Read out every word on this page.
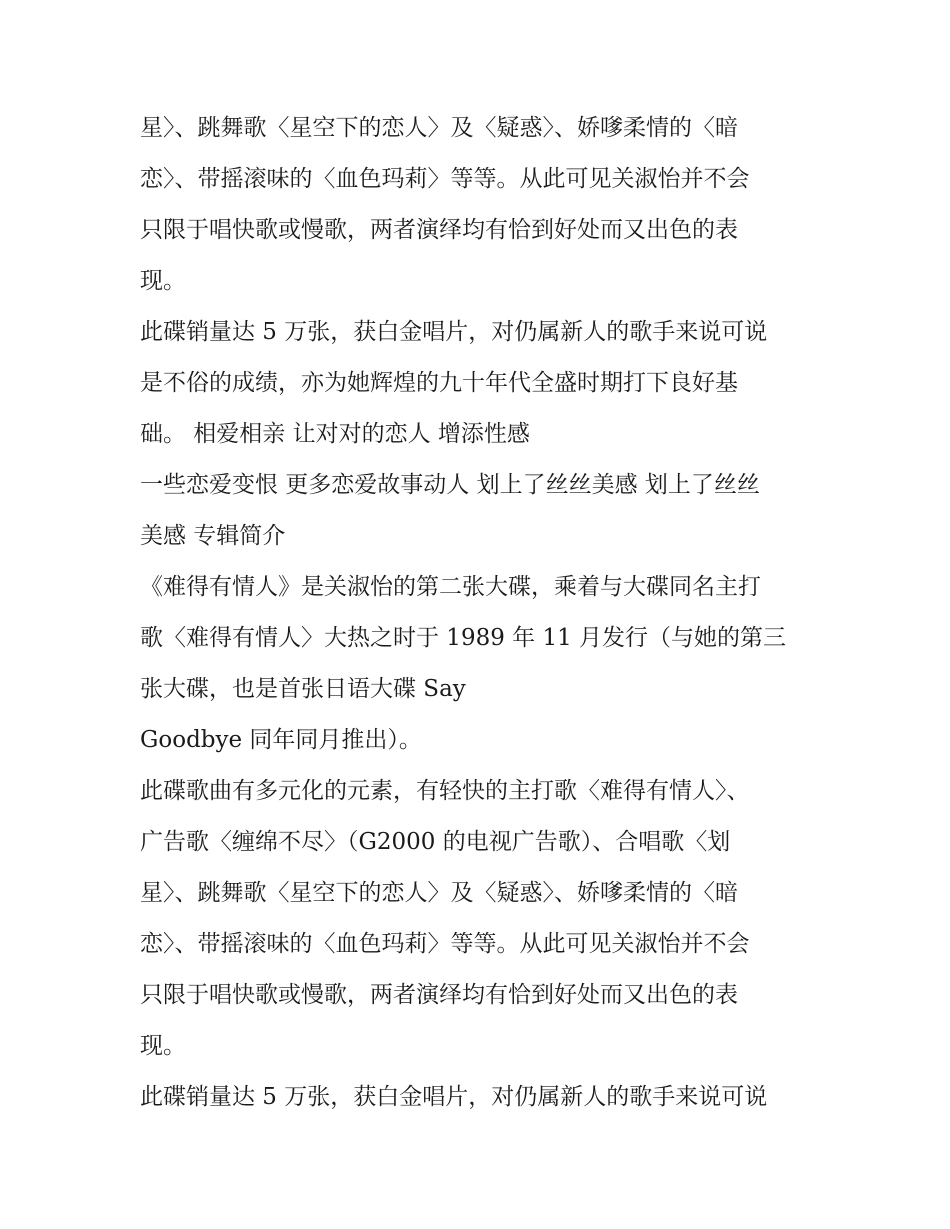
星〉、跳舞歌〈星空下的恋人〉及〈疑惑〉、娇嗲柔情的〈暗
恋〉、带摇滚味的〈血色玛莉〉等等。从此可见关淑怡并不会
只限于唱快歌或慢歌，两者演绎均有恰到好处而又出色的表
现。
此碟销量达 5 万张，获白金唱片，对仍属新人的歌手来说可说
是不俗的成绩，亦为她辉煌的九十年代全盛时期打下良好基
础。 相爱相亲 让对对的恋人 增添性感
一些恋爱变恨 更多恋爱故事动人 划上了丝丝美感 划上了丝丝
美感 专辑简介
《难得有情人》是关淑怡的第二张大碟，乘着与大碟同名主打
歌〈难得有情人〉大热之时于 1989 年 11 月发行（与她的第三
张大碟，也是首张日语大碟 Say
Goodbye 同年同月推出）。
此碟歌曲有多元化的元素，有轻快的主打歌〈难得有情人〉、
广告歌〈缠绵不尽〉（G2000 的电视广告歌）、合唱歌〈划
星〉、跳舞歌〈星空下的恋人〉及〈疑惑〉、娇嗲柔情的〈暗
恋〉、带摇滚味的〈血色玛莉〉等等。从此可见关淑怡并不会
只限于唱快歌或慢歌，两者演绎均有恰到好处而又出色的表
现。
此碟销量达 5 万张，获白金唱片，对仍属新人的歌手来说可说
